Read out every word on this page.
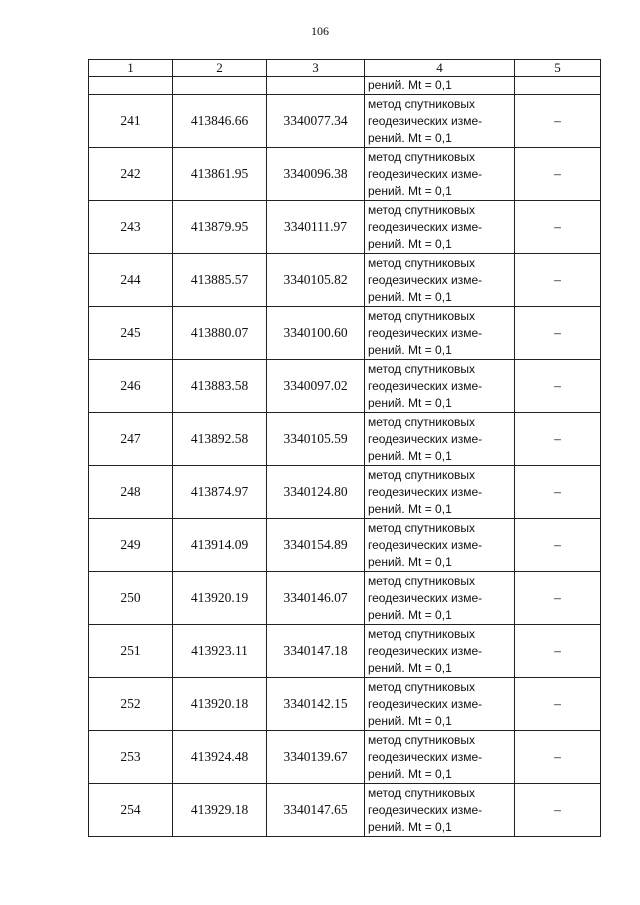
106
1	2	3	4	5
			рений. Mt = 0,1	
241	413846.66	3340077.34	метод спутниковых
геодезических изме-
рений. Mt = 0,1	–
242	413861.95	3340096.38	метод спутниковых
геодезических изме-
рений. Mt = 0,1	–
243	413879.95	3340111.97	метод спутниковых
геодезических изме-
рений. Mt = 0,1	–
244	413885.57	3340105.82	метод спутниковых
геодезических изме-
рений. Mt = 0,1	–
245	413880.07	3340100.60	метод спутниковых
геодезических изме-
рений. Mt = 0,1	–
246	413883.58	3340097.02	метод спутниковых
геодезических изме-
рений. Mt = 0,1	–
247	413892.58	3340105.59	метод спутниковых
геодезических изме-
рений. Mt = 0,1	–
248	413874.97	3340124.80	метод спутниковых
геодезических изме-
рений. Mt = 0,1	–
249	413914.09	3340154.89	метод спутниковых
геодезических изме-
рений. Mt = 0,1	–
250	413920.19	3340146.07	метод спутниковых
геодезических изме-
рений. Mt = 0,1	–
251	413923.11	3340147.18	метод спутниковых
геодезических изме-
рений. Mt = 0,1	–
252	413920.18	3340142.15	метод спутниковых
геодезических изме-
рений. Mt = 0,1	–
253	413924.48	3340139.67	метод спутниковых
геодезических изме-
рений. Mt = 0,1	–
254	413929.18	3340147.65	метод спутниковых
геодезических изме-
рений. Mt = 0,1	–
